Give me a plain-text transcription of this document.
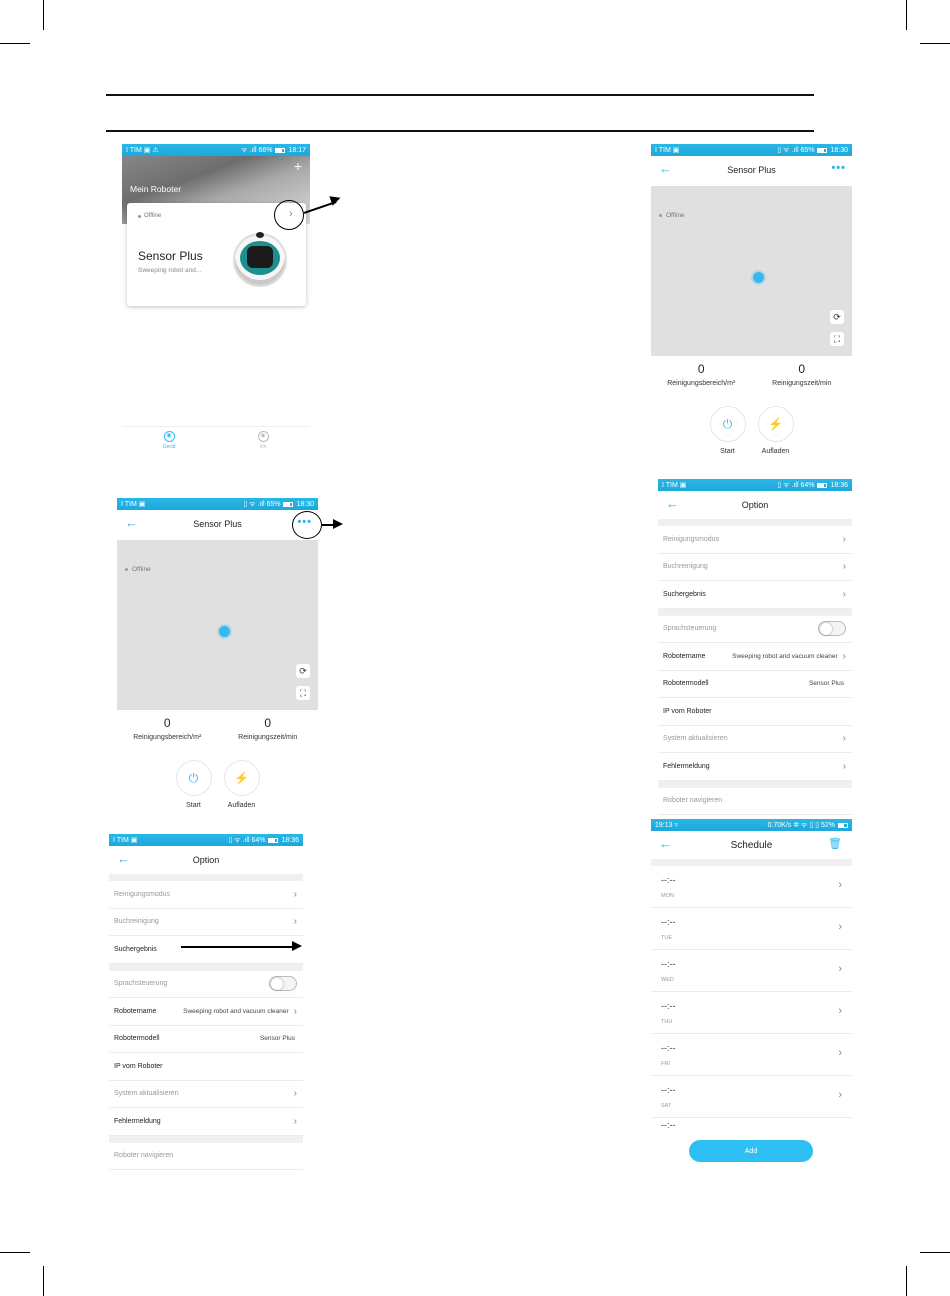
I TIM ▣ ⚠	ᯤ .ıll 66% 18:17
+
Mein Roboter
Offline	›
Sensor Plus
Sweeping robot and...
◉
Gerät
◉
Ich
I TIM ▣	▯ ᯤ .ıll 65% 18:30
←	Sensor Plus	•••
Offline
⟳
⛶
0
Reinigungsbereich/m²
0
Reinigungszeit/min
⏻
Start
⚡
Aufladen
I TIM ▣	▯ ᯤ .ıll 65% 18:30
←	Sensor Plus	•••
Offline
⟳
⛶
0
Reinigungsbereich/m²
0
Reinigungszeit/min
⏻
Start
⚡
Aufladen
I TIM ▣	▯ ᯤ .ıll 64% 18:36
←	Option
Reinigungsmodus	›
Buchreinigung	›
Suchergebnis	›
Sprachsteuerung
Robotername	Sweeping robot and vacuum cleaner ›
Robotermodell	Sensor Plus
IP vom Roboter
System aktualisieren	›
Fehlermeldung	›
Roboter navigieren
I TIM ▣	▯ ᯤ .ıll 64% 18:36
←	Option
Reinigungsmodus	›
Buchreinigung	›
Suchergebnis
Sprachsteuerung
Robotername	Sweeping robot and vacuum cleaner ›
Robotermodell	Sensor Plus
IP vom Roboter
System aktualisieren	›
Fehlermeldung	›
Roboter navigieren
19:13 ▿	0.70K/s ✲ ᯤ ▯ ▯ 52%
←	Schedule	🗑
--:--
MON
›
--:--
TUE
›
--:--
WED
›
--:--
THU
›
--:--
FRI
›
--:--
SAT
›
--:--
Add
